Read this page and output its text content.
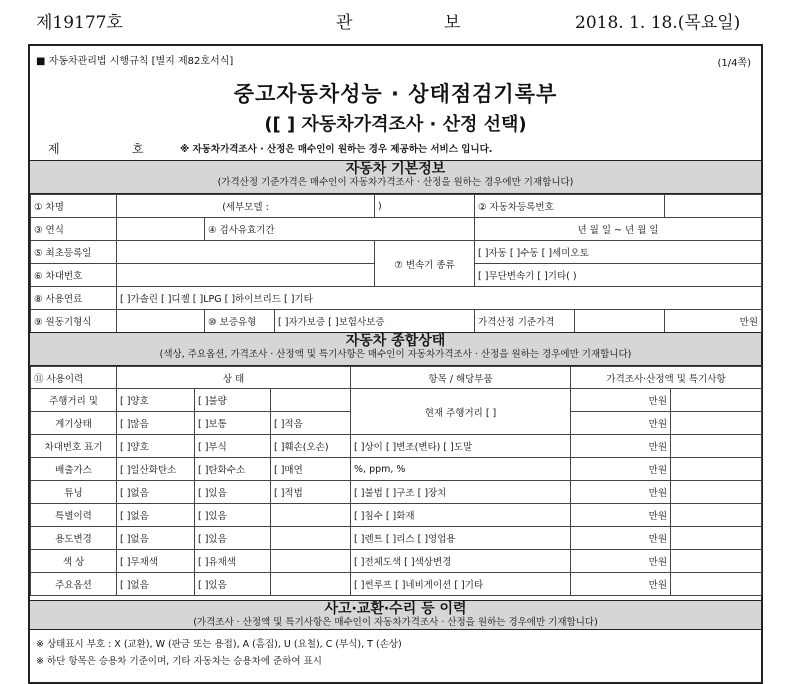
제19177호	관	보	2018. 1. 18.(목요일)
■ 자동차관리법 시행규칙 [별지 제82호서식]	(1/4쪽)
중고자동차성능 · 상태점검기록부
([ ] 자동차가격조사 · 산정 선택)
제	호	※ 자동차가격조사 · 산정은 매수인이 원하는 경우 제공하는 서비스 입니다.
자동차 기본정보
(가격산정 기준가격은 매수인이 자동차가격조사 · 산정을 원하는 경우에만 기재합니다)
① 차명	(세부모델 :			)	② 자동차등록번호		
③ 연식		④ 검사유효기간			년 월 일 ~ 년 월 일		
⑤ 최초등록일				⑦ 변속기 종류	[ ]자동 [ ]수동 [ ]세미오토		
⑥ 차대번호					[ ]무단변속기 [ ]기타( )		
⑧ 사용연료	[ ]가솔린 [ ]디젤 [ ]LPG [ ]하이브리드 [ ]기타						
⑨ 원동기형식		⑩ 보증유형	[ ]자가보증 [ ]보험사보증		가격산정 기준가격		만원
자동차 종합상태
(색상, 주요옵션, 가격조사 · 산정액 및 특기사항은 매수인이 자동차가격조사 · 산정을 원하는 경우에만 기재합니다)
⑪ 사용이력	상 태			항목 / 해당부품	가격조사·산정액 및 특기사항	
주행거리 및	[ ]양호	[ ]불량		현재 주행거리 [ ]	만원	
계기상태	[ ]많음	[ ]보통	[ ]적음		만원	
차대번호 표기	[ ]양호	[ ]부식	[ ]훼손(오손)	[ ]상이 [ ]변조(변타) [ ]도말	만원	
배출가스	[ ]일산화탄소	[ ]탄화수소	[ ]매연	%, ppm, %	만원	
튜닝	[ ]없음	[ ]있음	[ ]적법	[ ]불법 [ ]구조 [ ]장치	만원	
특별이력	[ ]없음	[ ]있음		[ ]침수 [ ]화재	만원	
용도변경	[ ]없음	[ ]있음		[ ]렌트 [ ]리스 [ ]영업용	만원	
색 상	[ ]무채색	[ ]유채색		[ ]전체도색 [ ]색상변경	만원	
주요옵션	[ ]없음	[ ]있음		[ ]썬루프 [ ]네비게이션 [ ]기타	만원	
사고·교환·수리 등 이력
(가격조사 · 산정액 및 특기사항은 매수인이 자동차가격조사 · 산정을 원하는 경우에만 기재합니다)
※ 상태표시 부호 : X (교환), W (판금 또는 용접), A (흠집), U (요철), C (부식), T (손상)
※ 하단 항목은 승용차 기준이며, 기타 자동차는 승용차에 준하여 표시
